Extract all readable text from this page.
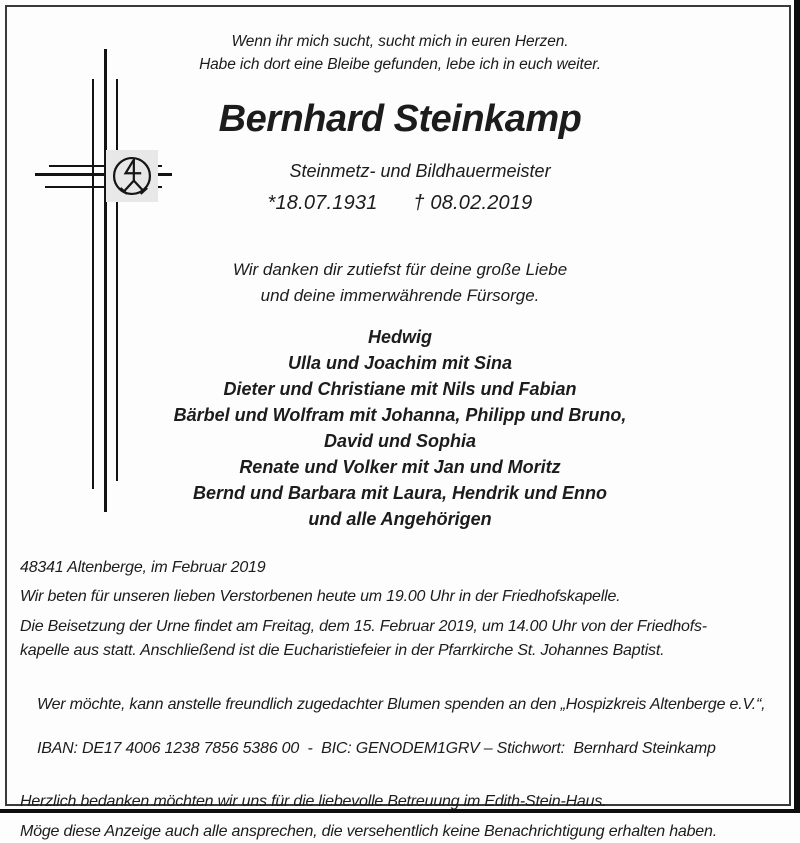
Wenn ihr mich sucht, sucht mich in euren Herzen.
Habe ich dort eine Bleibe gefunden, lebe ich in euch weiter.
Bernhard Steinkamp
Steinmetz- und Bildhauermeister
*18.07.1931 † 08.02.2019
Wir danken dir zutiefst für deine große Liebe
und deine immerwährende Fürsorge.
Hedwig
Ulla und Joachim mit Sina
Dieter und Christiane mit Nils und Fabian
Bärbel und Wolfram mit Johanna, Philipp und Bruno,
David und Sophia
Renate und Volker mit Jan und Moritz
Bernd und Barbara mit Laura, Hendrik und Enno
und alle Angehörigen

48341 Altenberge, im Februar 2019

Wir beten für unseren lieben Verstorbenen heute um 19.00 Uhr in der Friedhofskapelle.

Die Beisetzung der Urne findet am Freitag, dem 15. Februar 2019, um 14.00 Uhr von der Friedhofs-
kapelle aus statt. Anschließend ist die Eucharistiefeier in der Pfarrkirche St. Johannes Baptist.

Wer möchte, kann anstelle freundlich zugedachter Blumen spenden an den „Hospizkreis Altenberge e.V.“,

IBAN: DE17 4006 1238 7856 5386 00  -  BIC: GENODEM1GRV – Stichwort:  Bernhard Steinkamp

Herzlich bedanken möchten wir uns für die liebevolle Betreuung im Edith-Stein-Haus.

Möge diese Anzeige auch alle ansprechen, die versehentlich keine Benachrichtigung erhalten haben.
